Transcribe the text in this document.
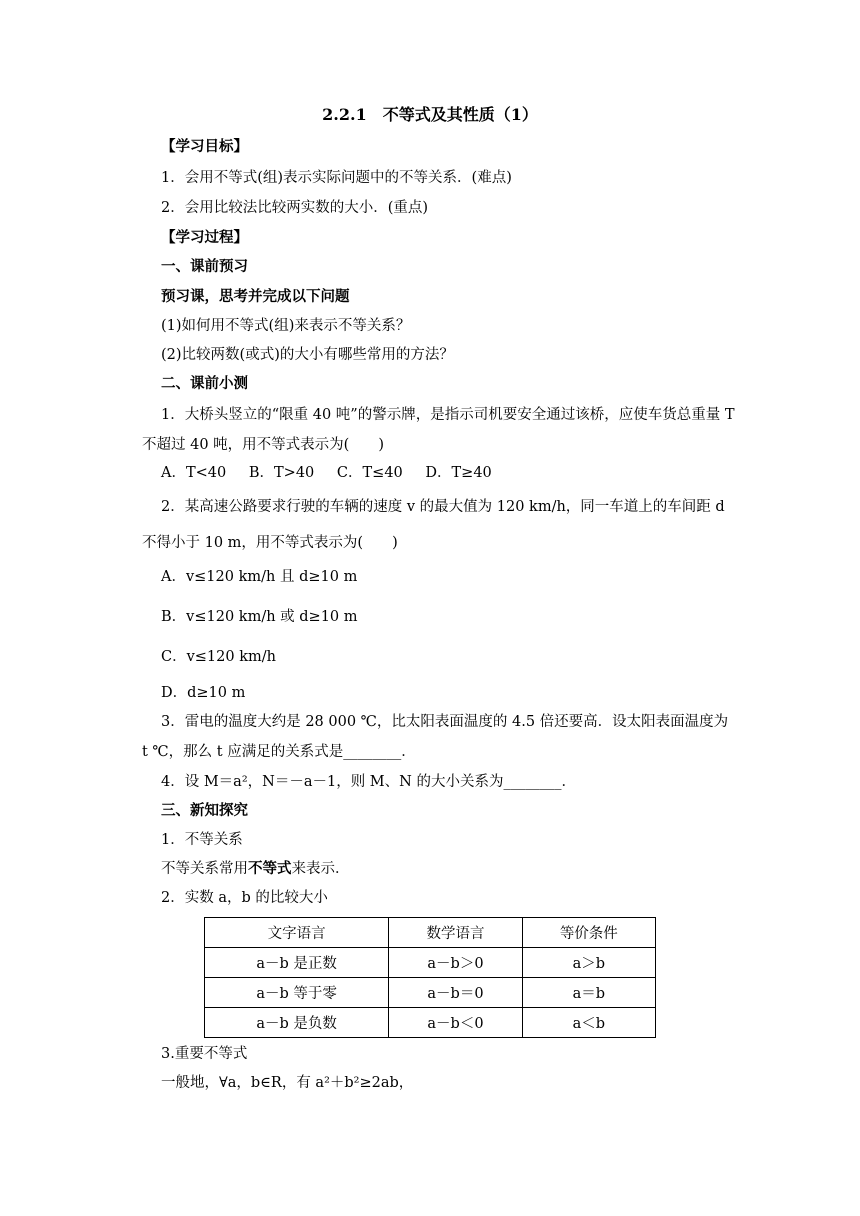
2.2.1　不等式及其性质（1）
【学习目标】
1．会用不等式(组)表示实际问题中的不等关系．(难点)
2．会用比较法比较两实数的大小．(重点)
【学习过程】
一、课前预习
预习课，思考并完成以下问题
(1)如何用不等式(组)来表示不等关系？
(2)比较两数(或式)的大小有哪些常用的方法？
二、课前小测
1．大桥头竖立的“限重 40 吨”的警示牌，是指示司机要安全通过该桥，应使车货总重量 T 不超过 40 吨，用不等式表示为(　　)
A．T<40 B．T>40 C．T≤40 D．T≥40
2．某高速公路要求行驶的车辆的速度 v 的最大值为 120 km/h，同一车道上的车间距 d
不得小于 10 m，用不等式表示为(　　)
A．v≤120 km/h 且 d≥10 m
B．v≤120 km/h 或 d≥10 m
C．v≤120 km/h
D．d≥10 m
3．雷电的温度大约是 28 000 ℃，比太阳表面温度的 4.5 倍还要高．设太阳表面温度为
t ℃，那么 t 应满足的关系式是________．
4．设 M＝a²，N＝－a－1，则 M、N 的大小关系为________．
三、新知探究
1．不等关系
不等关系常用不等式来表示．
2．实数 a，b 的比较大小
文字语言	数学语言	等价条件
a－b 是正数	a－b＞0	a＞b
a－b 等于零	a－b＝0	a＝b
a－b 是负数	a－b＜0	a＜b
3.重要不等式
一般地，∀a，b∈R，有 a²＋b²≥2ab，
